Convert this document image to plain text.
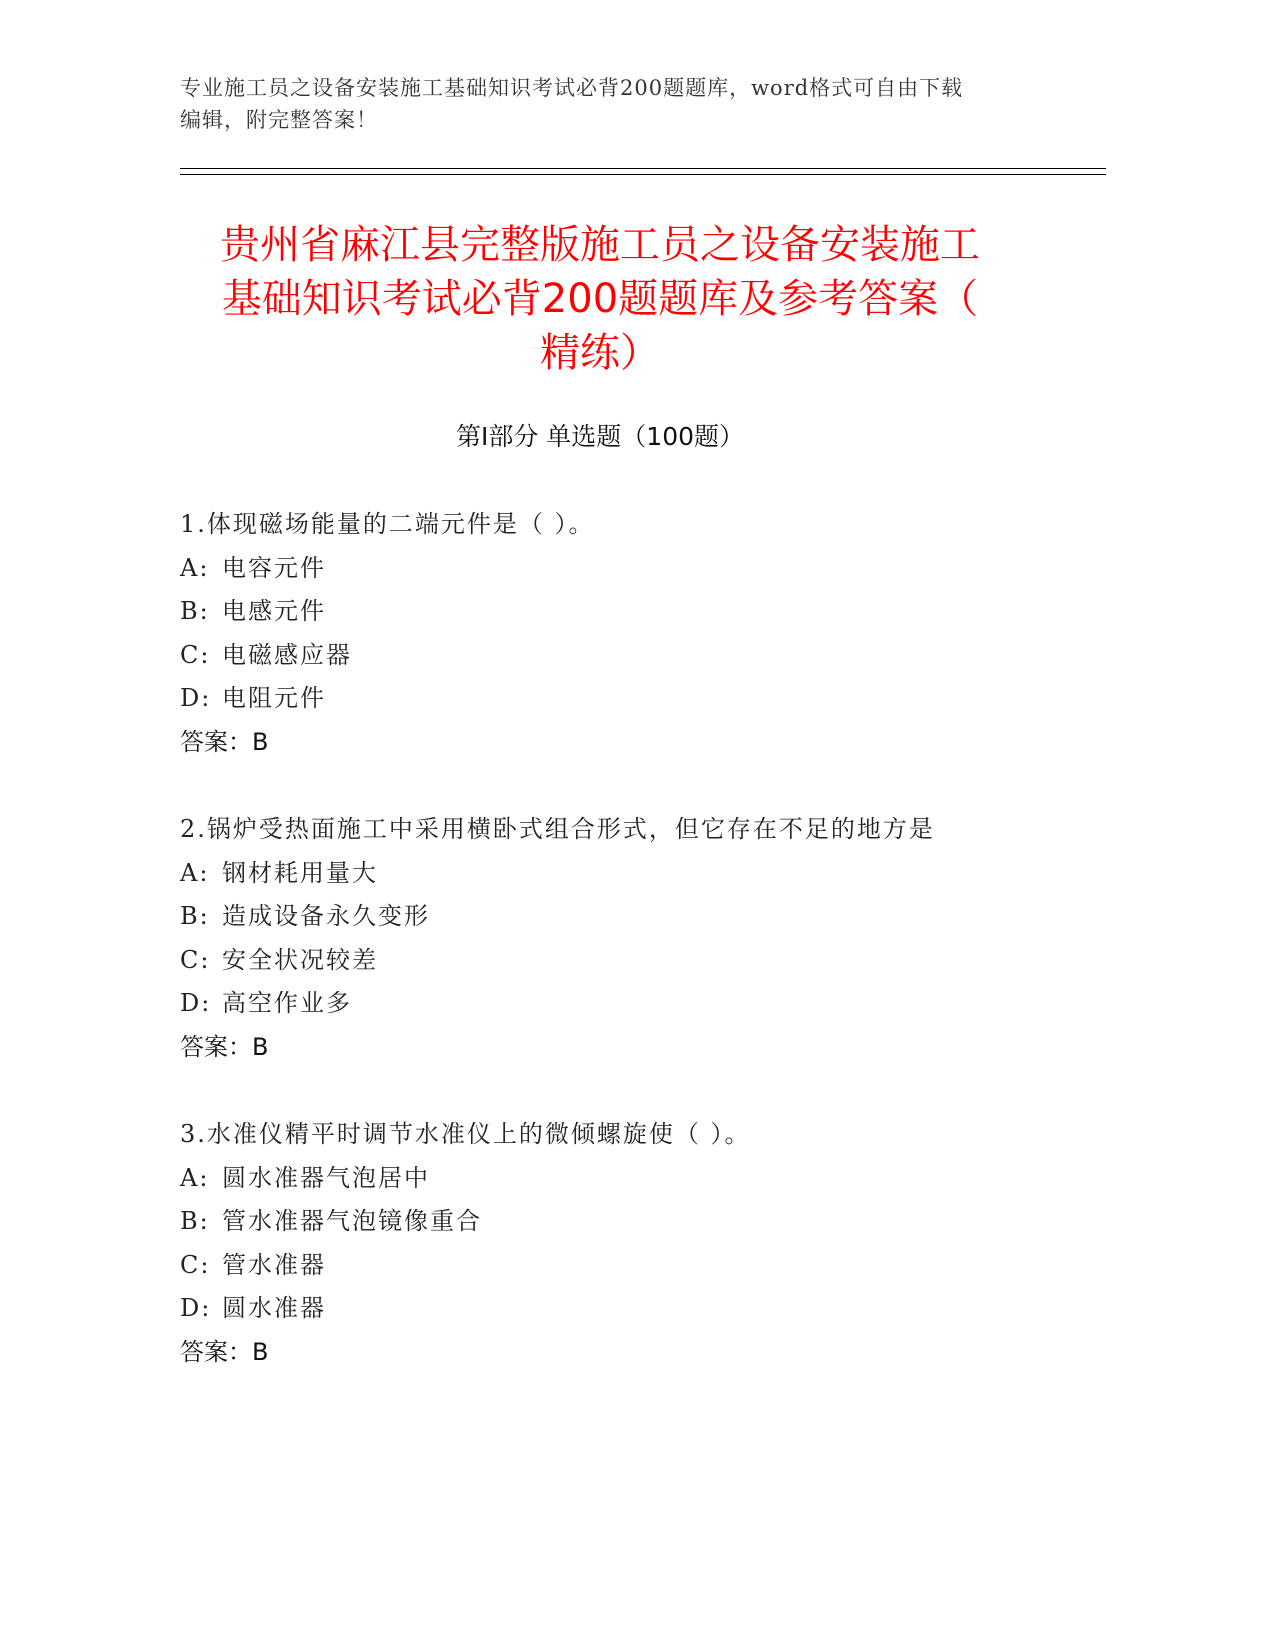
专业施工员之设备安装施工基础知识考试必背200题题库，word格式可自由下载
编辑，附完整答案！
贵州省麻江县完整版施工员之设备安装施工
基础知识考试必背200题题库及参考答案（
精练）
第Ⅰ部分 单选题（100题）
1.体现磁场能量的二端元件是（ ）。
A: 电容元件
B: 电感元件
C: 电磁感应器
D: 电阻元件
答案：B
2.锅炉受热面施工中采用横卧式组合形式，但它存在不足的地方是
A: 钢材耗用量大
B: 造成设备永久变形
C: 安全状况较差
D: 高空作业多
答案：B
3.水准仪精平时调节水准仪上的微倾螺旋使（ ）。
A: 圆水准器气泡居中
B: 管水准器气泡镜像重合
C: 管水准器
D: 圆水准器
答案：B
